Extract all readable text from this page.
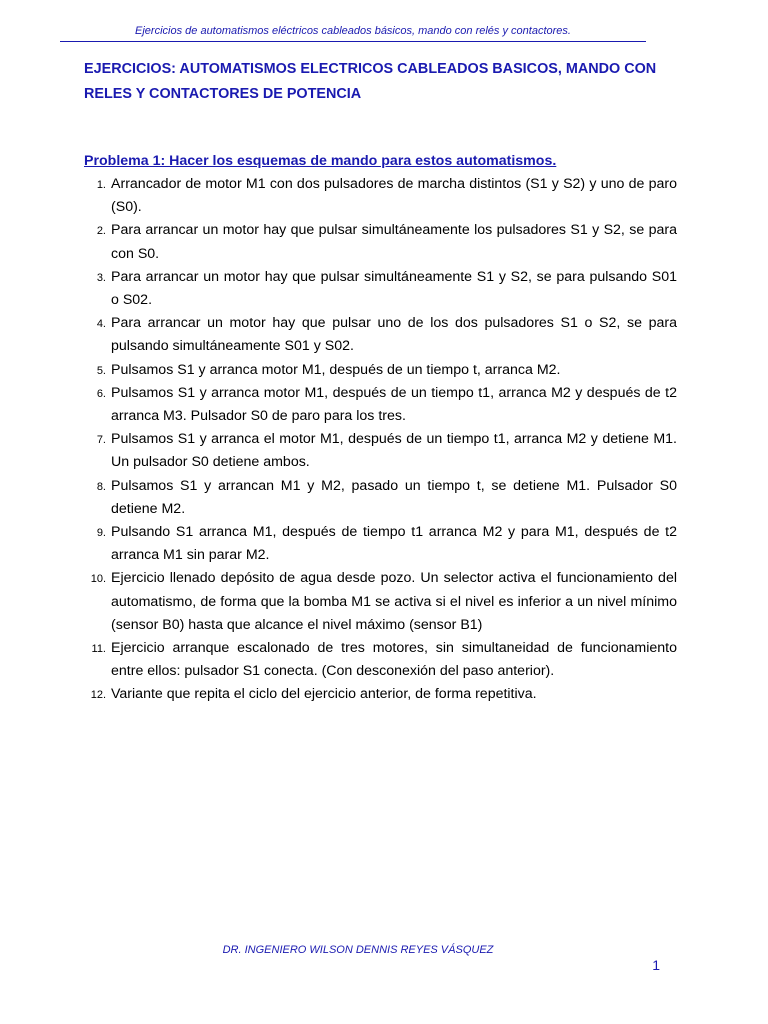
Ejercicios de automatismos eléctricos cableados básicos, mando con relés y contactores.
EJERCICIOS: AUTOMATISMOS ELECTRICOS CABLEADOS BASICOS, MANDO CON RELES Y CONTACTORES DE POTENCIA
Problema 1: Hacer los esquemas de mando para estos automatismos.
1. Arrancador de motor M1 con dos pulsadores de marcha distintos (S1 y S2) y uno de paro (S0).
2. Para arrancar un motor hay que pulsar simultáneamente los pulsadores S1 y S2, se para con S0.
3. Para arrancar un motor hay que pulsar simultáneamente S1 y S2, se para pulsando S01 o S02.
4. Para arrancar un motor hay que pulsar uno de los dos pulsadores S1 o S2, se para pulsando simultáneamente S01 y S02.
5. Pulsamos S1 y arranca motor M1, después de un tiempo t, arranca M2.
6. Pulsamos S1 y arranca motor M1, después de un tiempo t1, arranca M2 y después de t2 arranca M3. Pulsador S0 de paro para los tres.
7. Pulsamos S1 y arranca el motor M1, después de un tiempo t1, arranca M2 y detiene M1. Un pulsador S0 detiene ambos.
8. Pulsamos S1 y arrancan M1 y M2, pasado un tiempo t, se detiene M1. Pulsador S0 detiene M2.
9. Pulsando S1 arranca M1, después de tiempo t1 arranca M2 y para M1, después de t2 arranca M1 sin parar M2.
10. Ejercicio llenado depósito de agua desde pozo. Un selector activa el funcionamiento del automatismo, de forma que la bomba M1 se activa si el nivel es inferior a un nivel mínimo (sensor B0) hasta que alcance el nivel máximo (sensor B1)
11. Ejercicio arranque escalonado de tres motores, sin simultaneidad de funcionamiento entre ellos: pulsador S1 conecta. (Con desconexión del paso anterior).
12. Variante que repita el ciclo del ejercicio anterior, de forma repetitiva.
DR. INGENIERO WILSON DENNIS REYES VÁSQUEZ
1
